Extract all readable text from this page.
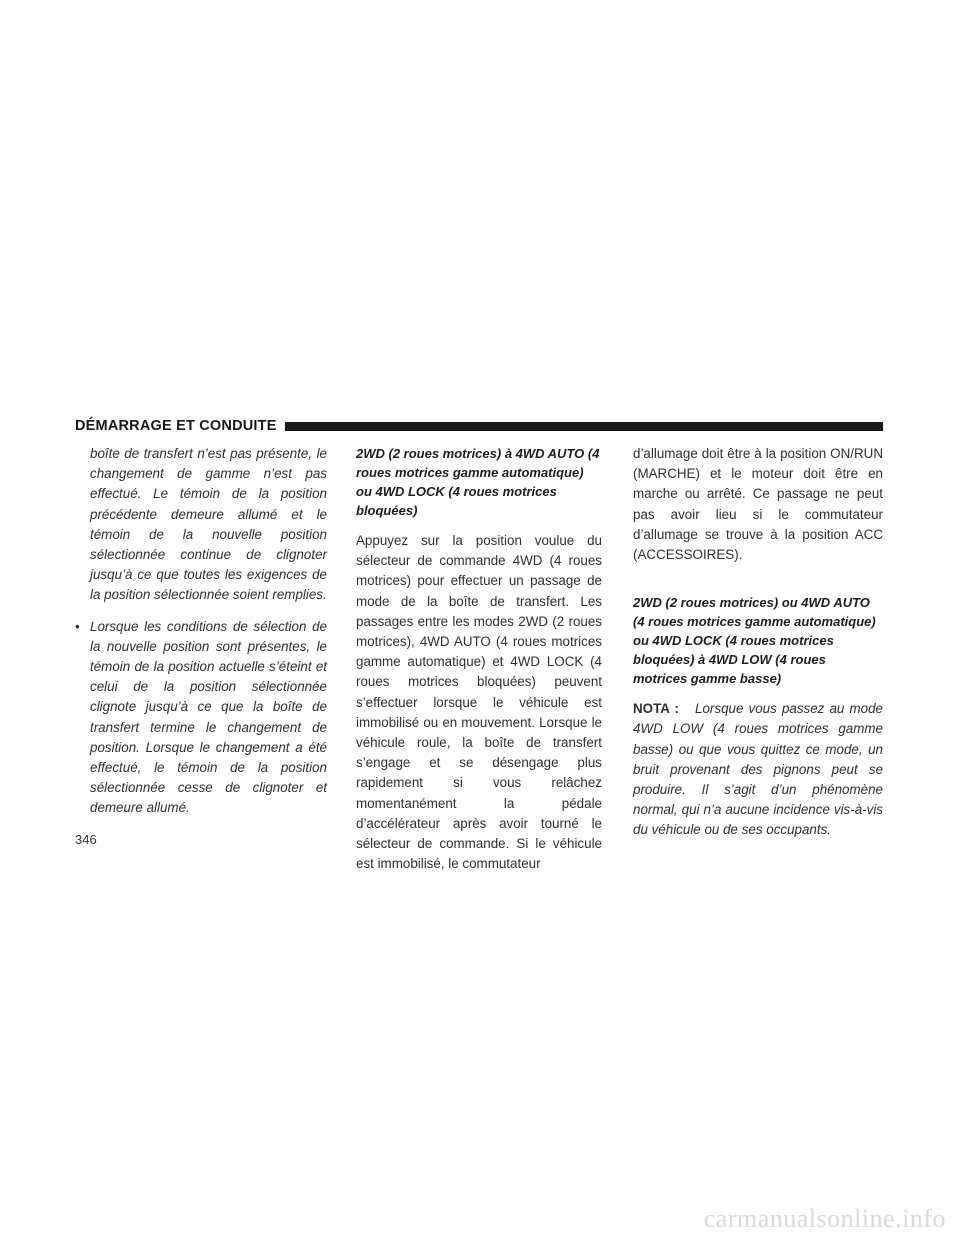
DÉMARRAGE ET CONDUITE

boîte de transfert n’est pas présente, le changement de gamme n’est pas effectué. Le témoin de la position précédente demeure allumé et le témoin de la nouvelle position sélectionnée continue de clignoter jusqu’à ce que toutes les exigences de la position sélectionnée soient remplies.

• Lorsque les conditions de sélection de la nouvelle position sont présentes, le témoin de la position actuelle s’éteint et celui de la position sélectionnée clignote jusqu’à ce que la boîte de transfert termine le changement de position. Lorsque le changement a été effectué, le témoin de la position sélectionnée cesse de clignoter et demeure allumé.
2WD (2 roues motrices) à 4WD AUTO (4 roues motrices gamme automatique) ou 4WD LOCK (4 roues motrices bloquées)

Appuyez sur la position voulue du sélecteur de commande 4WD (4 roues motrices) pour effectuer un passage de mode de la boîte de transfert. Les passages entre les modes 2WD (2 roues motrices), 4WD AUTO (4 roues motrices gamme automatique) et 4WD LOCK (4 roues motrices bloquées) peuvent s’effectuer lorsque le véhicule est immobilisé ou en mouvement. Lorsque le véhicule roule, la boîte de transfert s’engage et se désengage plus rapidement si vous relâchez momentanément la pédale d’accélérateur après avoir tourné le sélecteur de commande. Si le véhicule est immobilisé, le commutateur

d’allumage doit être à la position ON/RUN (MARCHE) et le moteur doit être en marche ou arrêté. Ce passage ne peut pas avoir lieu si le commutateur d’allumage se trouve à la position ACC (ACCESSOIRES).

2WD (2 roues motrices) ou 4WD AUTO (4 roues motrices gamme automatique) ou 4WD LOCK (4 roues motrices bloquées) à 4WD LOW (4 roues motrices gamme basse)

NOTA : Lorsque vous passez au mode 4WD LOW (4 roues motrices gamme basse) ou que vous quittez ce mode, un bruit provenant des pignons peut se produire. Il s’agit d’un phénomène normal, qui n’a aucune incidence vis-à-vis du véhicule ou de ses occupants.

346
carmanualsonline.info
